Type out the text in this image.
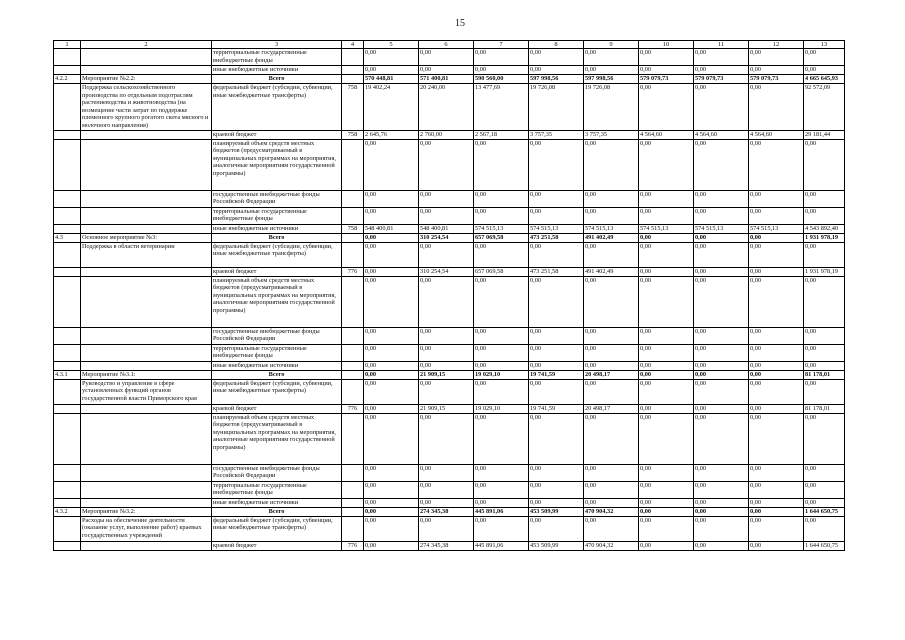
15
1	2	3	4	5	6	7	8	9	10	11	12	13
		территориальные государственные внебюджетные фонды		0,00	0,00	0,00	0,00	0,00	0,00	0,00	0,00	0,00
		иные внебюджетные источники		0,00	0,00	0,00	0,00	0,00	0,00	0,00	0,00	0,00
4.2.2	Мероприятие №2.2:	Всего		570 448,81	571 400,81	590 560,00	597 998,56	597 998,56	579 079,73	579 079,73	579 079,73	4 665 645,93
	Поддержка сельскохозяйственного производства по отдельным подотраслям растениеводства и животноводства (на возмещение части затрат по поддержке племенного крупного рогатого скота мясного и молочного направления)	федеральный бюджет (субсидии, субвенции, иные межбюджетные трансферты)	758	19 402,24	20 240,00	13 477,69	19 726,08	19 726,08	0,00	0,00	0,00	92 572,09
		краевой бюджет	758	2 645,76	2 760,00	2 567,18	3 757,35	3 757,35	4 564,60	4 564,60	4 564,60	29 181,44
		планируемый объем средств местных бюджетов (предусматриваемый в муниципальных программах на мероприятия, аналогичные мероприятиям государственной программы)		0,00	0,00	0,00	0,00	0,00	0,00	0,00	0,00	0,00
		государственные внебюджетные фонды Российской Федерации		0,00	0,00	0,00	0,00	0,00	0,00	0,00	0,00	0,00
		территориальные государственные внебюджетные фонды		0,00	0,00	0,00	0,00	0,00	0,00	0,00	0,00	0,00
		иные внебюджетные источники	758	548 400,81	548 400,81	574 515,13	574 515,13	574 515,13	574 515,13	574 515,13	574 515,13	4 543 892,40
4.3	Основное мероприятие №3:	Всего		0,00	310 254,54	657 069,58	473 251,58	491 402,49	0,00	0,00	0,00	1 931 978,19
	Поддержка в области ветеринарии	федеральный бюджет (субсидии, субвенции, иные межбюджетные трансферты)		0,00	0,00	0,00	0,00	0,00	0,00	0,00	0,00	0,00
		краевой бюджет	776	0,00	310 254,54	657 069,58	473 251,58	491 402,49	0,00	0,00	0,00	1 931 978,19
		планируемый объем средств местных бюджетов (предусматриваемый в муниципальных программах на мероприятия, аналогичные мероприятиям государственной программы)		0,00	0,00	0,00	0,00	0,00	0,00	0,00	0,00	0,00
		государственные внебюджетные фонды Российской Федерации		0,00	0,00	0,00	0,00	0,00	0,00	0,00	0,00	0,00
		территориальные государственные внебюджетные фонды		0,00	0,00	0,00	0,00	0,00	0,00	0,00	0,00	0,00
		иные внебюджетные источники		0,00	0,00	0,00	0,00	0,00	0,00	0,00	0,00	0,00
4.3.1	Мероприятие №3.1:	Всего		0,00	21 909,15	19 029,10	19 741,59	20 498,17	0,00	0,00	0,00	81 178,01
	Руководство и управление в сфере установленных функций органов государственной власти Приморского края	федеральный бюджет (субсидии, субвенции, иные межбюджетные трансферты)		0,00	0,00	0,00	0,00	0,00	0,00	0,00	0,00	0,00
		краевой бюджет	776	0,00	21 909,15	19 029,10	19 741,59	20 498,17	0,00	0,00	0,00	81 178,01
		планируемый объем средств местных бюджетов (предусматриваемый в муниципальных программах на мероприятия, аналогичные мероприятиям государственной программы)		0,00	0,00	0,00	0,00	0,00	0,00	0,00	0,00	0,00
		государственные внебюджетные фонды Российской Федерации		0,00	0,00	0,00	0,00	0,00	0,00	0,00	0,00	0,00
		территориальные государственные внебюджетные фонды		0,00	0,00	0,00	0,00	0,00	0,00	0,00	0,00	0,00
		иные внебюджетные источники		0,00	0,00	0,00	0,00	0,00	0,00	0,00	0,00	0,00
4.3.2	Мероприятие №3.2:	Всего		0,00	274 345,38	445 891,06	453 509,99	470 904,32	0,00	0,00	0,00	1 644 650,75
	Расходы на обеспечение деятельности (оказание услуг, выполнение работ) краевых государственных учреждений	федеральный бюджет (субсидии, субвенции, иные межбюджетные трансферты)		0,00	0,00	0,00	0,00	0,00	0,00	0,00	0,00	0,00
		краевой бюджет	776	0,00	274 345,38	445 891,06	453 509,99	470 904,32	0,00	0,00	0,00	1 644 650,75
